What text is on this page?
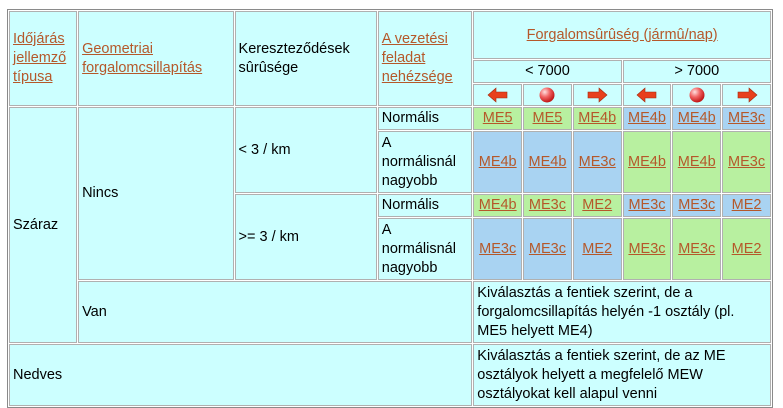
Időjárás jellemző típusa	Geometriai forgalomcsillapítás	Kereszteződések sûrûsége	A vezetési feladat nehézsége	Forgalomsûrûség (jármû/nap)					
				< 7000			> 7000		

Száraz	Nincs	< 3 / km	Normális	ME5	ME5	ME4b	ME4b	ME4b	ME3c
			A normálisnál nagyobb	ME4b	ME4b	ME3c	ME4b	ME4b	ME3c
		>= 3 / km	Normális	ME4b	ME3c	ME2	ME3c	ME3c	ME2
			A normálisnál nagyobb	ME3c	ME3c	ME2	ME3c	ME3c	ME2
	Van			Kiválasztás a fentiek szerint, de a forgalomcsillapítás helyén -1 osztály (pl. ME5 helyett ME4)					
Nedves				Kiválasztás a fentiek szerint, de az ME osztályok helyett a megfelelő MEW osztályokat kell alapul venni					
